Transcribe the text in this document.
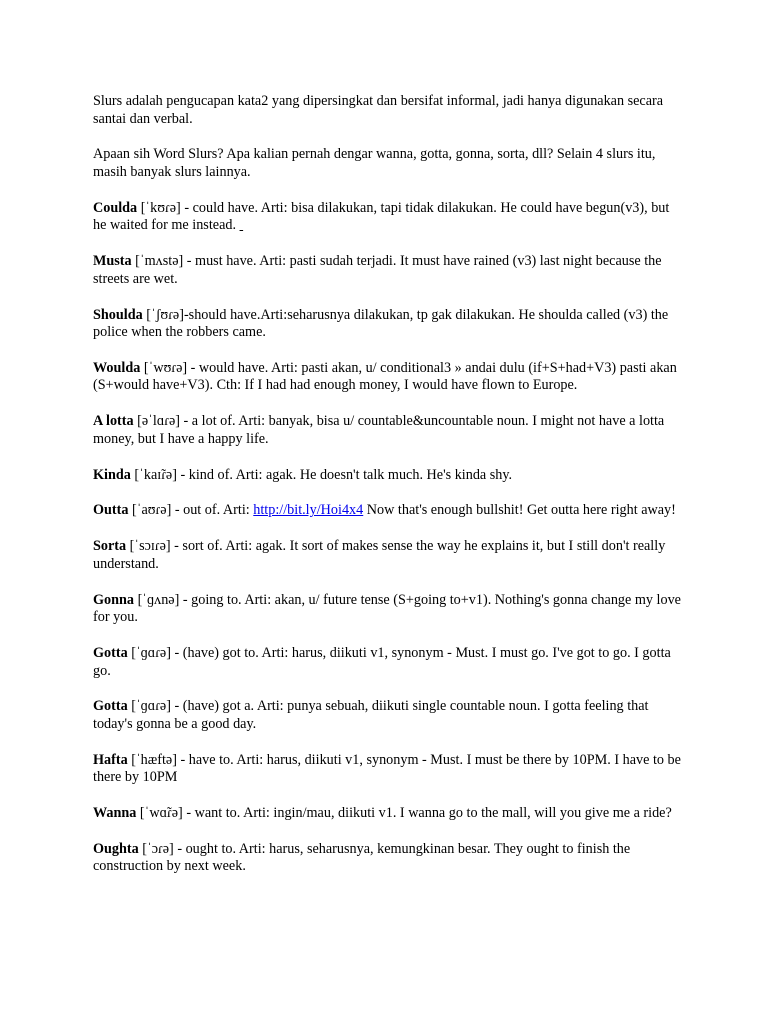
Slurs adalah pengucapan kata2 yang dipersingkat dan bersifat informal, jadi hanya digunakan secara santai dan verbal.

Apaan sih Word Slurs? Apa kalian pernah dengar wanna, gotta, gonna, sorta, dll? Selain 4 slurs itu, masih banyak slurs lainnya.

Coulda [ˈkʊɾə] - could have. Arti: bisa dilakukan, tapi tidak dilakukan. He could have begun(v3), but he waited for me instead.

Musta [ˈmʌstə] - must have. Arti: pasti sudah terjadi. It must have rained (v3) last night because the streets are wet.

Shoulda [ˈʃʊɾə]-should have.Arti:seharusnya dilakukan, tp gak dilakukan. He shoulda called (v3) the police when the robbers came.

Woulda [ˈwʊɾə] - would have. Arti: pasti akan, u/ conditional3 » andai dulu (if+S+had+V3) pasti akan (S+would have+V3). Cth: If I had had enough money, I would have flown to Europe.

A lotta [əˈlɑɾə] - a lot of. Arti: banyak, bisa u/ countable&uncountable noun. I might not have a lotta money, but I have a happy life.

Kinda [ˈkaɪ̃ɾə] - kind of. Arti: agak. He doesn't talk much. He's kinda shy.

Outta [ˈaʊɾə] - out of. Arti: http://bit.ly/Hoi4x4 Now that's enough bullshit! Get outta here right away!

Sorta [ˈsɔɪɾə] - sort of. Arti: agak. It sort of makes sense the way he explains it, but I still don't really understand.

Gonna [ˈɡʌnə] - going to. Arti: akan, u/ future tense (S+going to+v1). Nothing's gonna change my love for you.

Gotta [ˈɡɑɾə] - (have) got to. Arti: harus, diikuti v1, synonym - Must. I must go. I've got to go. I gotta go.

Gotta [ˈɡɑɾə] - (have) got a. Arti: punya sebuah, diikuti single countable noun. I gotta feeling that today's gonna be a good day.

Hafta [ˈhæftə] - have to. Arti: harus, diikuti v1, synonym - Must. I must be there by 10PM. I have to be there by 10PM

Wanna [ˈwɑ̃ɾə] - want to. Arti: ingin/mau, diikuti v1. I wanna go to the mall, will you give me a ride?

Oughta [ˈɔɾə] - ought to. Arti: harus, seharusnya, kemungkinan besar. They ought to finish the construction by next week.
